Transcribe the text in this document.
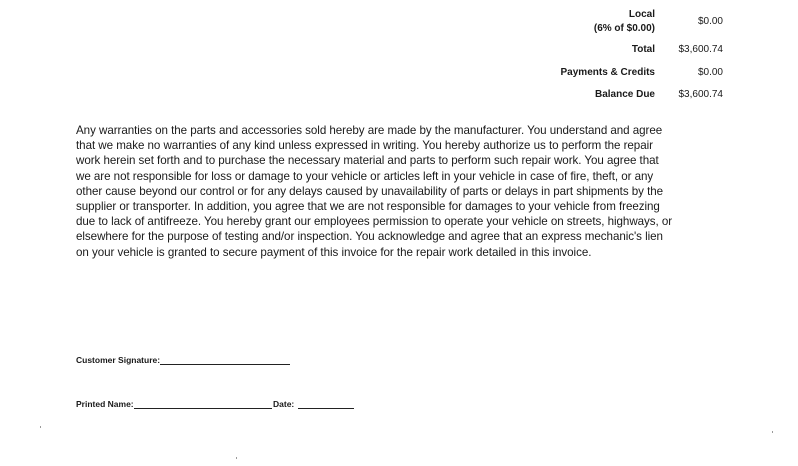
Local
(6% of $0.00)
$0.00
Total $3,600.74
Payments & Credits	$0.00
Balance Due $3,600.74

Any warranties on the parts and accessories sold hereby are made by the manufacturer. You understand and agree

that we make no warranties of any kind unless expressed in writing. You hereby authorize us to perform the repair

work herein set forth and to purchase the necessary material and parts to perform such repair work. You agree that

we are not responsible for loss or damage to your vehicle or articles left in your vehicle in case of fire, theft, or any

other cause beyond our control or for any delays caused by unavailability of parts or delays in part shipments by the

supplier or transporter. In addition, you agree that we are not responsible for damages to your vehicle from freezing

due to lack of antifreeze. You hereby grant our employees permission to operate your vehicle on streets, highways, or

elsewhere for the purpose of testing and/or inspection. You acknowledge and agree that an express mechanic's lien

on your vehicle is granted to secure payment of this invoice for the repair work detailed in this invoice.

Customer Signature:
Printed Name:	Date:
